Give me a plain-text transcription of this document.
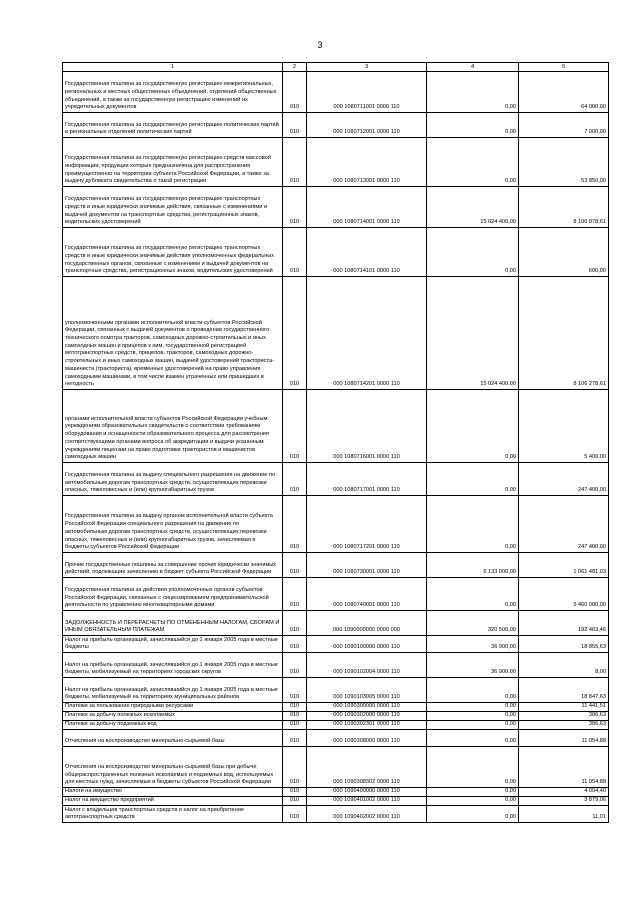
3
1	2	3	4	5
Государственная пошлина за государственную регистрацию межрегиональных, региональных и местных общественных объединений, отделений общественных объединений, а также за государственную регистрацию изменений их учредительных документов	010	000 1080711001 0000 110	0,00	64 000,00
Государственная пошлина за государственную регистрацию политических партий и региональных отделений политических партий	010	000 1080712001 0000 110	0,00	7 000,00
Государственная пошлина за государственную регистрацию средств массовой информации, продукции которых предназначена для распространения преимущественно на территории субъекта Российской Федерации, а также за выдачу дубликата свидетельства о такой регистрации	010	000 1080713001 0000 110	0,00	53 850,00
Государственная пошлина за государственную регистрацию транспортных средств и иные юридически значимые действия, связанные с изменениями и выдачей документов на транспортные средства, регистрационных знаков, водительских удостоверений	010	000 1080714001 0000 110	15 024 400,00	8 106 878,61
Государственная пошлина за государственную регистрацию транспортных средств и иные юридически значимые действия уполномоченных федеральных государственных органов, связанные с изменением и выдачей документов на транспортные средства, регистрационных знаков, водительских удостоверений	010	000 1080714101 0000 110	0,00	600,00
уполномоченными органами исполнительной власти субъектов Российской Федерации, связанных с выдачей документов о проведении государственного технического осмотра тракторов, самоходных дорожно-строительных и иных самоходных машин и прицепов к ним, государственной регистрацией мототранспортных средств, прицепов, тракторов, самоходных дорожно-строительных и иных самоходных машин, выдачей удостоверений тракториста-машиниста (тракториста), временных удостоверений на право управления самоходными машинами, в том числе взамен утраченных или пришедших в негодность	010	000 1080714201 0000 110	15 024 400,00	8 106 278,61
органами исполнительной власти субъектов Российской Федерации учебным учреждениям образовательных свидетельств о соответствии требованиям оборудования и оснащенности образовательного процесса для рассмотрения соответствующими органами вопроса об аккредитации и выдачи указанным учреждениям лицензии на право подготовки трактористов и машинистов самоходных машин	010	000 1080716001 0000 110	0,00	5 400,00
Государственная пошлина за выдачу специального разрешения на движение по автомобильным дорогам транспортных средств, осуществляющих перевозки опасных, тяжеловесных и (или) крупногабаритных грузов	010	000 1080717001 0000 110	0,00	247 400,00
Государственная пошлина за выдачу органом исполнительной власти субъекта Российской Федерации специального разрешения на движение по автомобильным дорогам транспортных средств, осуществляющих перевозки опасных, тяжеловесных и (или) крупногабаритных грузов, зачисляемая в бюджеты субъектов Российской Федерации	010	000 1080717201 0000 110	0,00	247 400,00
Прочие государственные пошлины за совершение прочих юридически значимых действий, подлежащие зачислению в бюджет субъекта Российской Федерации	010	000 1080730001 0000 110	6 133 000,00	1 061 481,03
Государственная пошлина за действия уполномоченных органов субъектов Российской Федерации, связанные с лицензированием предпринимательской деятельности по управлению многоквартирными домами	010	000 1080740001 0000 110	0,00	5 460 000,00
ЗАДОЛЖЕННОСТЬ И ПЕРЕРАСЧЕТЫ ПО ОТМЕНЕННЫМ НАЛОГАМ, СБОРАМ И ИНЫМ ОБЯЗАТЕЛЬНЫМ ПЛАТЕЖАМ	010	000 1090000000 0000 000	320 500,00	192 463,46
Налог на прибыль организаций, зачислявшийся до 1 января 2005 года в местные бюджеты	010	000 1090100000 0000 110	36 900,00	18 855,63
Налог на прибыль организаций, зачислявшийся до 1 января 2005 года в местные бюджеты, мобилизуемый на территориях городских округов	010	000 1090102004 0000 110	36 900,00	8,00
Налог на прибыль организаций, зачислявшийся до 1 января 2005 года в местные бюджеты, мобилизуемый на территориях муниципальных районов	010	000 1090103005 0000 110	0,00	18 847,63
Платежи за пользование природными ресурсами	010	000 1090300000 0000 110	0,00	11 441,51
Платежи за добычу полезных ископаемых	010	000 1090302000 0000 110	0,00	386,63
Платежи за добычу подземных вод	010	000 1090302301 0000 110	0,00	386,63
Отчисления на воспроизводство минерально-сырьевой базы	010	000 1090308000 0000 110	0,00	11 054,88
Отчисления на воспроизводство минерально-сырьевой базы при добыче общераспространенных полезных ископаемых и подземных вод, используемых для местных нужд, зачисляемые в бюджеты субъектов Российской Федерации	010	000 1090308302 0000 110	0,00	11 054,88
Налоги на имущество	010	000 1090400000 0000 110	0,00	4 004,40
Налог на имущество предприятий	010	000 1090401002 0000 110	0,00	3 879,06
Налог с владельцев транспортных средств и налог на приобретение автотранспортных средств	010	000 1090402002 0000 110	0,00	11,01
